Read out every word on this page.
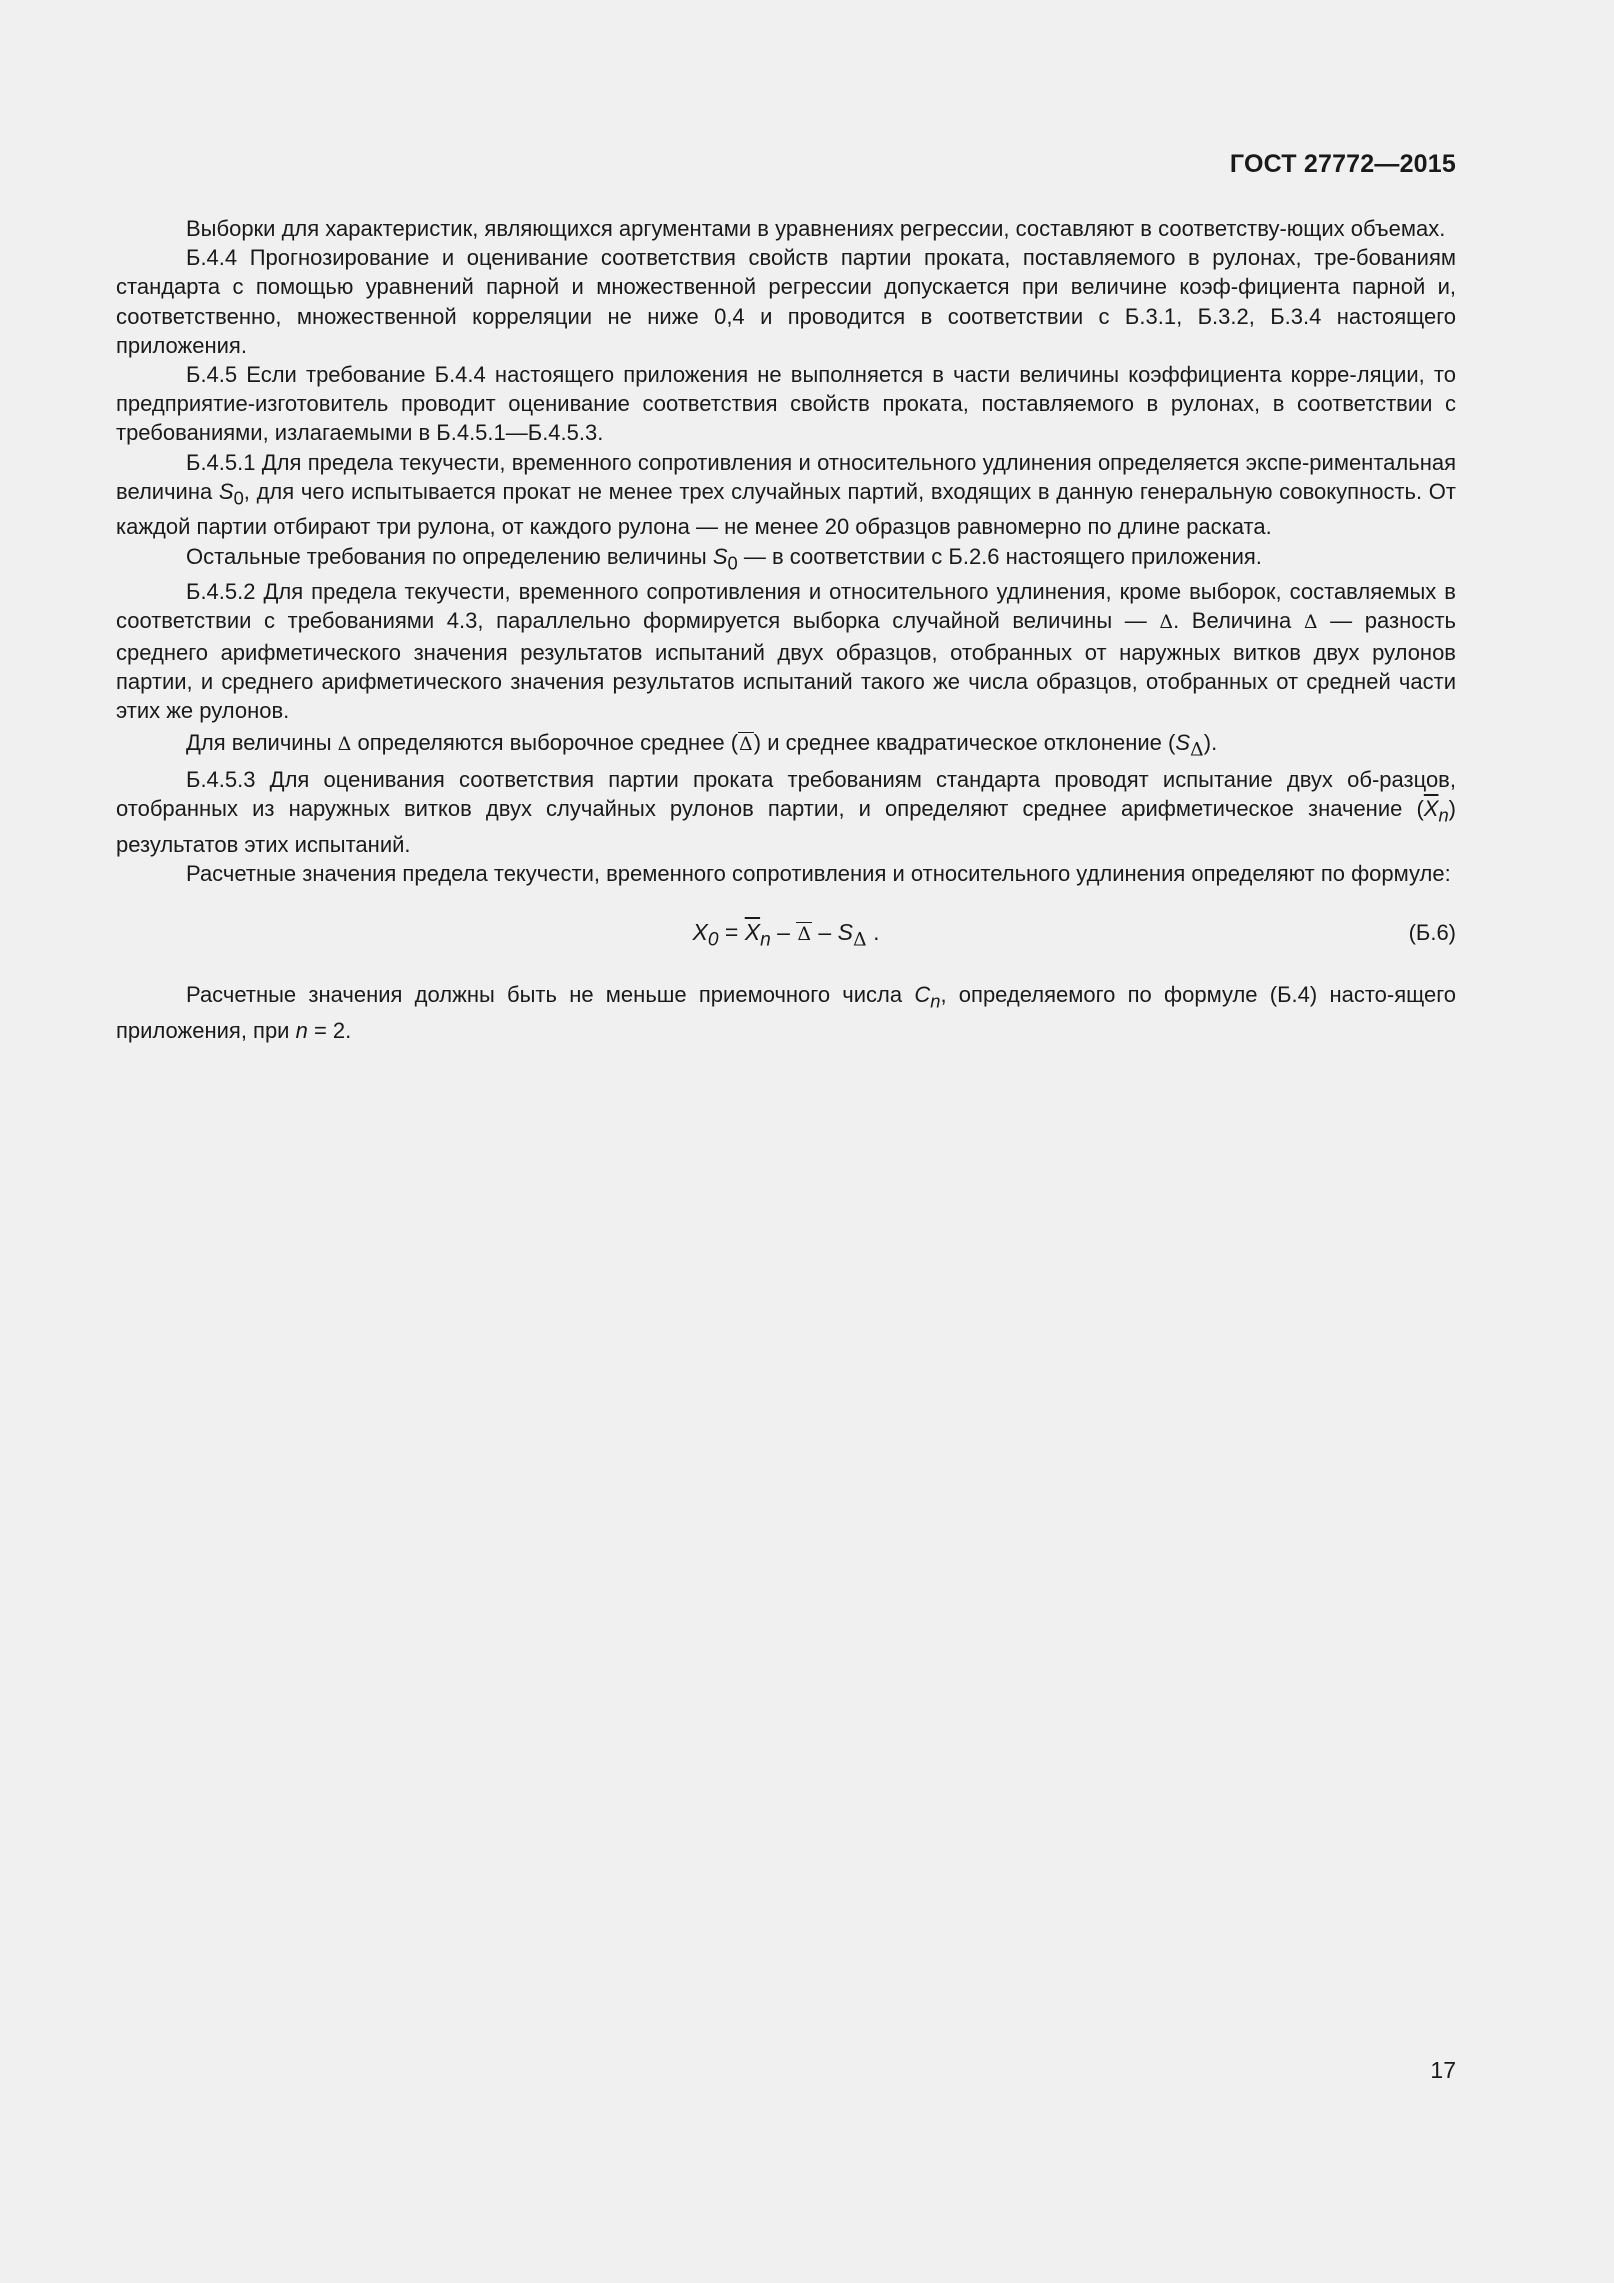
ГОСТ 27772—2015

Выборки для характеристик, являющихся аргументами в уравнениях регрессии, составляют в соответству-ющих объемах.

Б.4.4 Прогнозирование и оценивание соответствия свойств партии проката, поставляемого в рулонах, тре-бованиям стандарта с помощью уравнений парной и множественной регрессии допускается при величине коэф-фициента парной и, соответственно, множественной корреляции не ниже 0,4 и проводится в соответствии с Б.3.1, Б.3.2, Б.3.4 настоящего приложения.

Б.4.5 Если требование Б.4.4 настоящего приложения не выполняется в части величины коэффициента корре-ляции, то предприятие-изготовитель проводит оценивание соответствия свойств проката, поставляемого в рулонах, в соответствии с требованиями, излагаемыми в Б.4.5.1—Б.4.5.3.

Б.4.5.1 Для предела текучести, временного сопротивления и относительного удлинения определяется экспе-риментальная величина $S_0$, для чего испытывается прокат не менее трех случайных партий, входящих в данную генеральную совокупность. От каждой партии отбирают три рулона, от каждого рулона — не менее 20 образцов равномерно по длине раската.

Остальные требования по определению величины $S_0$ — в соответствии с Б.2.6 настоящего приложения.

Б.4.5.2 Для предела текучести, временного сопротивления и относительного удлинения, кроме выборок, составляемых в соответствии с требованиями 4.3, параллельно формируется выборка случайной величины — Δ. Величина Δ — разность среднего арифметического значения результатов испытаний двух образцов, отобранных от наружных витков двух рулонов партии, и среднего арифметического значения результатов испытаний такого же числа образцов, отобранных от средней части этих же рулонов.

Для величины Δ определяются выборочное среднее (Δ) и среднее квадратическое отклонение $(S_\Delta)$.

Б.4.5.3 Для оценивания соответствия партии проката требованиям стандарта проводят испытание двух об-разцов, отобранных из наружных витков двух случайных рулонов партии, и определяют среднее арифметическое значение $(\overline{X}_n)$ результатов этих испытаний.

Расчетные значения предела текучести, временного сопротивления и относительного удлинения определяют по формуле:

$X_0 = \overline{X}_n - \Delta - S_\Delta$ .	(Б.6)

Расчетные значения должны быть не меньше приемочного числа $C_n$, определяемого по формуле (Б.4) насто-ящего приложения, при n = 2.

17
